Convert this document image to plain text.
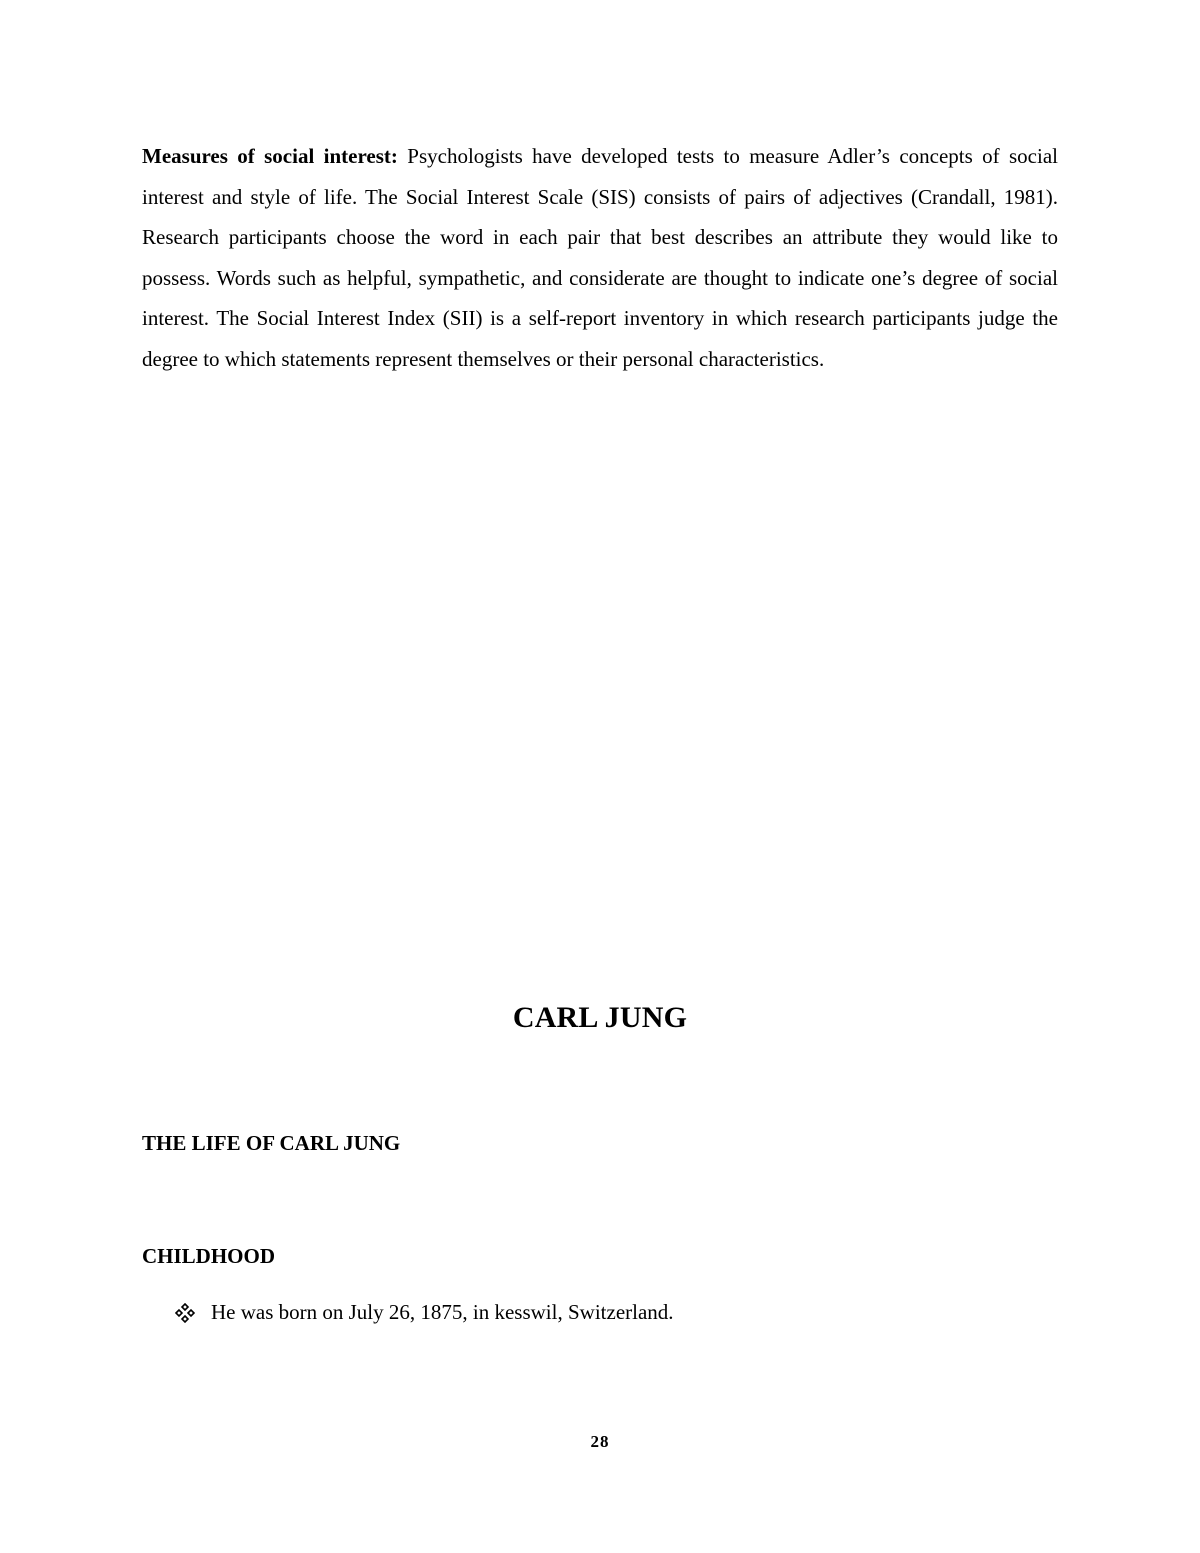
Measures of social interest: Psychologists have developed tests to measure Adler’s concepts of social interest and style of life. The Social Interest Scale (SIS) consists of pairs of adjectives (Crandall, 1981). Research participants choose the word in each pair that best describes an attribute they would like to possess. Words such as helpful, sympathetic, and considerate are thought to indicate one’s degree of social interest. The Social Interest Index (SII) is a self-report inventory in which research participants judge the degree to which statements represent themselves or their personal characteristics.

CARL JUNG
THE LIFE OF CARL JUNG
CHILDHOOD
He was born on July 26, 1875, in kesswil, Switzerland.
28
